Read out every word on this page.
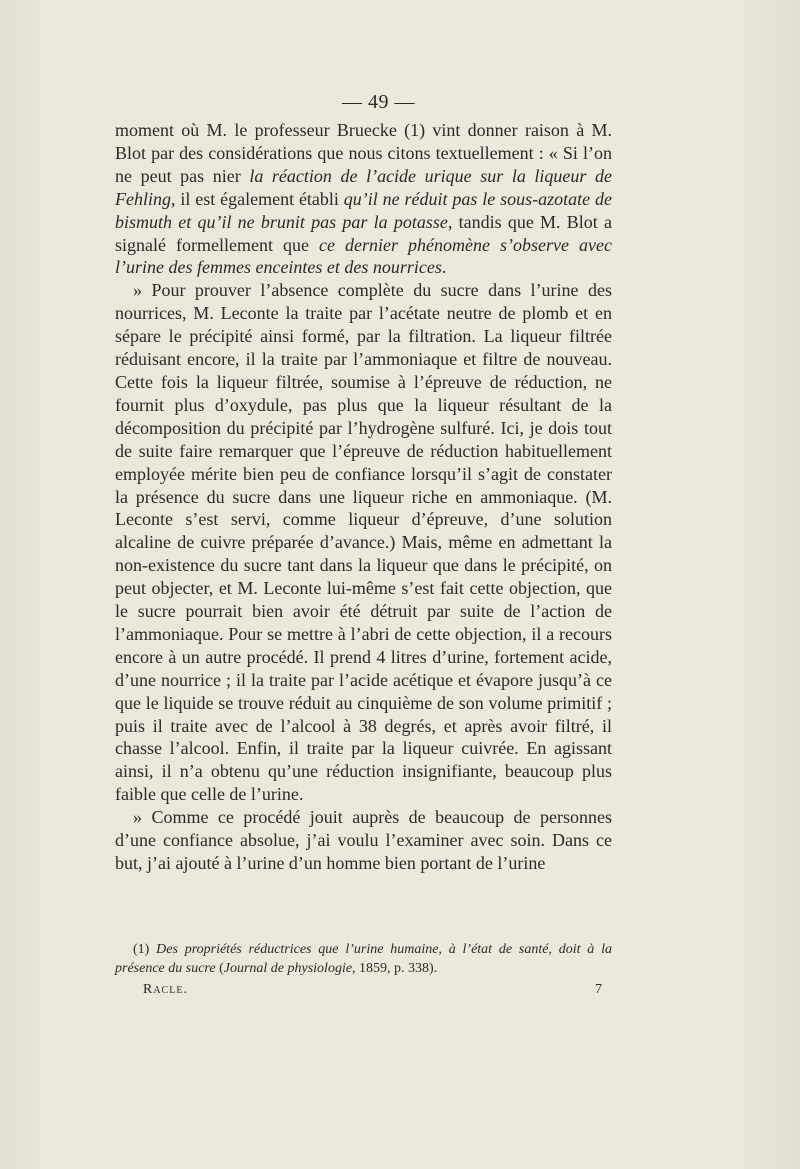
— 49 —

moment où M. le professeur Bruecke (1) vint donner raison à M. Blot par des considérations que nous citons textuellement : « Si l’on ne peut pas nier la réaction de l’acide urique sur la liqueur de Fehling, il est également établi qu’il ne réduit pas le sous-azotate de bismuth et qu’il ne brunit pas par la potasse, tandis que M. Blot a signalé formellement que ce dernier phénomène s’observe avec l’urine des femmes enceintes et des nourrices.

» Pour prouver l’absence complète du sucre dans l’urine des nourrices, M. Leconte la traite par l’acétate neutre de plomb et en sépare le précipité ainsi formé, par la filtration. La liqueur filtrée réduisant encore, il la traite par l’ammoniaque et filtre de nouveau. Cette fois la liqueur filtrée, soumise à l’épreuve de réduction, ne fournit plus d’oxydule, pas plus que la liqueur résultant de la décomposition du précipité par l’hydrogène sulfuré. Ici, je dois tout de suite faire remarquer que l’épreuve de réduction habituellement employée mérite bien peu de confiance lorsqu’il s’agit de constater la présence du sucre dans une liqueur riche en ammoniaque. (M. Leconte s’est servi, comme liqueur d’épreuve, d’une solution alcaline de cuivre préparée d’avance.) Mais, même en admettant la non-existence du sucre tant dans la liqueur que dans le précipité, on peut objecter, et M. Leconte lui-même s’est fait cette objection, que le sucre pourrait bien avoir été détruit par suite de l’action de l’ammoniaque. Pour se mettre à l’abri de cette objection, il a recours encore à un autre procédé. Il prend 4 litres d’urine, fortement acide, d’une nourrice ; il la traite par l’acide acétique et évapore jusqu’à ce que le liquide se trouve réduit au cinquième de son volume primitif ; puis il traite avec de l’alcool à 38 degrés, et après avoir filtré, il chasse l’alcool. Enfin, il traite par la liqueur cuivrée. En agissant ainsi, il n’a obtenu qu’une réduction insignifiante, beaucoup plus faible que celle de l’urine.

» Comme ce procédé jouit auprès de beaucoup de personnes d’une confiance absolue, j’ai voulu l’examiner avec soin. Dans ce but, j’ai ajouté à l’urine d’un homme bien portant de l’urine

(1) Des propriétés réductrices que l’urine humaine, à l’état de santé, doit à la présence du sucre (Journal de physiologie, 1859, p. 338).

Racle.	7
